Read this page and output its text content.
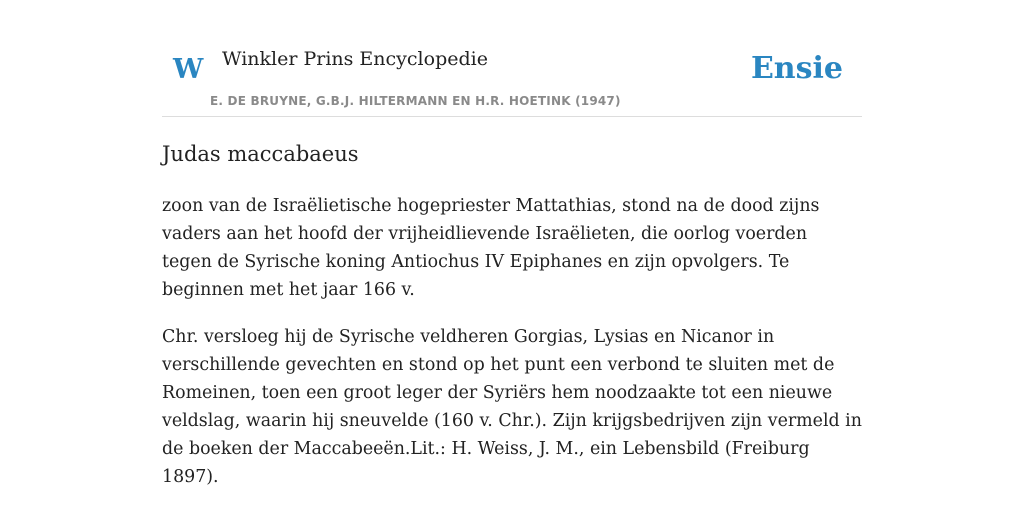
W Winkler Prins Encyclopedie
E. DE BRUYNE, G.B.J. HILTERMANN EN H.R. HOETINK (1947)
Ensie
Judas maccabaeus

zoon van de Israëlietische hogepriester Mattathias, stond na de dood zijns vaders aan het hoofd der vrijheidlievende Israëlieten, die oorlog voerden tegen de Syrische koning Antiochus IV Epiphanes en zijn opvolgers. Te beginnen met het jaar 166 v.

Chr. versloeg hij de Syrische veldheren Gorgias, Lysias en Nicanor in verschillende gevechten en stond op het punt een verbond te sluiten met de Romeinen, toen een groot leger der Syriërs hem noodzaakte tot een nieuwe veldslag, waarin hij sneuvelde (160 v. Chr.). Zijn krijgsbedrijven zijn vermeld in de boeken der Maccabeeën.Lit.: H. Weiss, J. M., ein Lebensbild (Freiburg 1897).
